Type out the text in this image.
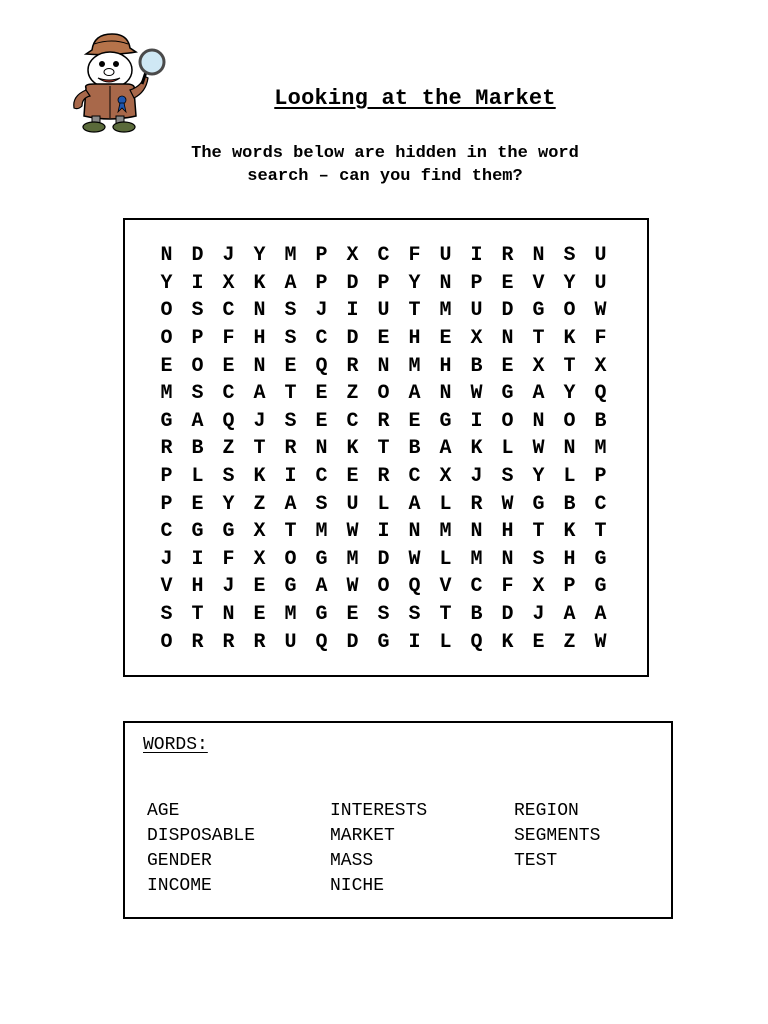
Looking at the Market
The words below are hidden in the word
search – can you find them?
N D J Y M P X C F U I R N S U
Y I X K A P D P Y N P E V Y U
O S C N S J I U T M U D G O W
O P F H S C D E H E X N T K F
E O E N E Q R N M H B E X T X
M S C A T E Z O A N W G A Y Q
G A Q J S E C R E G I O N O B
R B Z T R N K T B A K L W N M
P L S K I C E R C X J S Y L P
P E Y Z A S U L A L R W G B C
C G G X T M W I N M N H T K T
J I F X O G M D W L M N S H G
V H J E G A W O Q V C F X P G
S T N E M G E S S T B D J A A
O R R R U Q D G I L Q K E Z W
WORDS:
AGE
DISPOSABLE
GENDER
INCOME
INTERESTS
MARKET
MASS
NICHE
REGION
SEGMENTS
TEST
